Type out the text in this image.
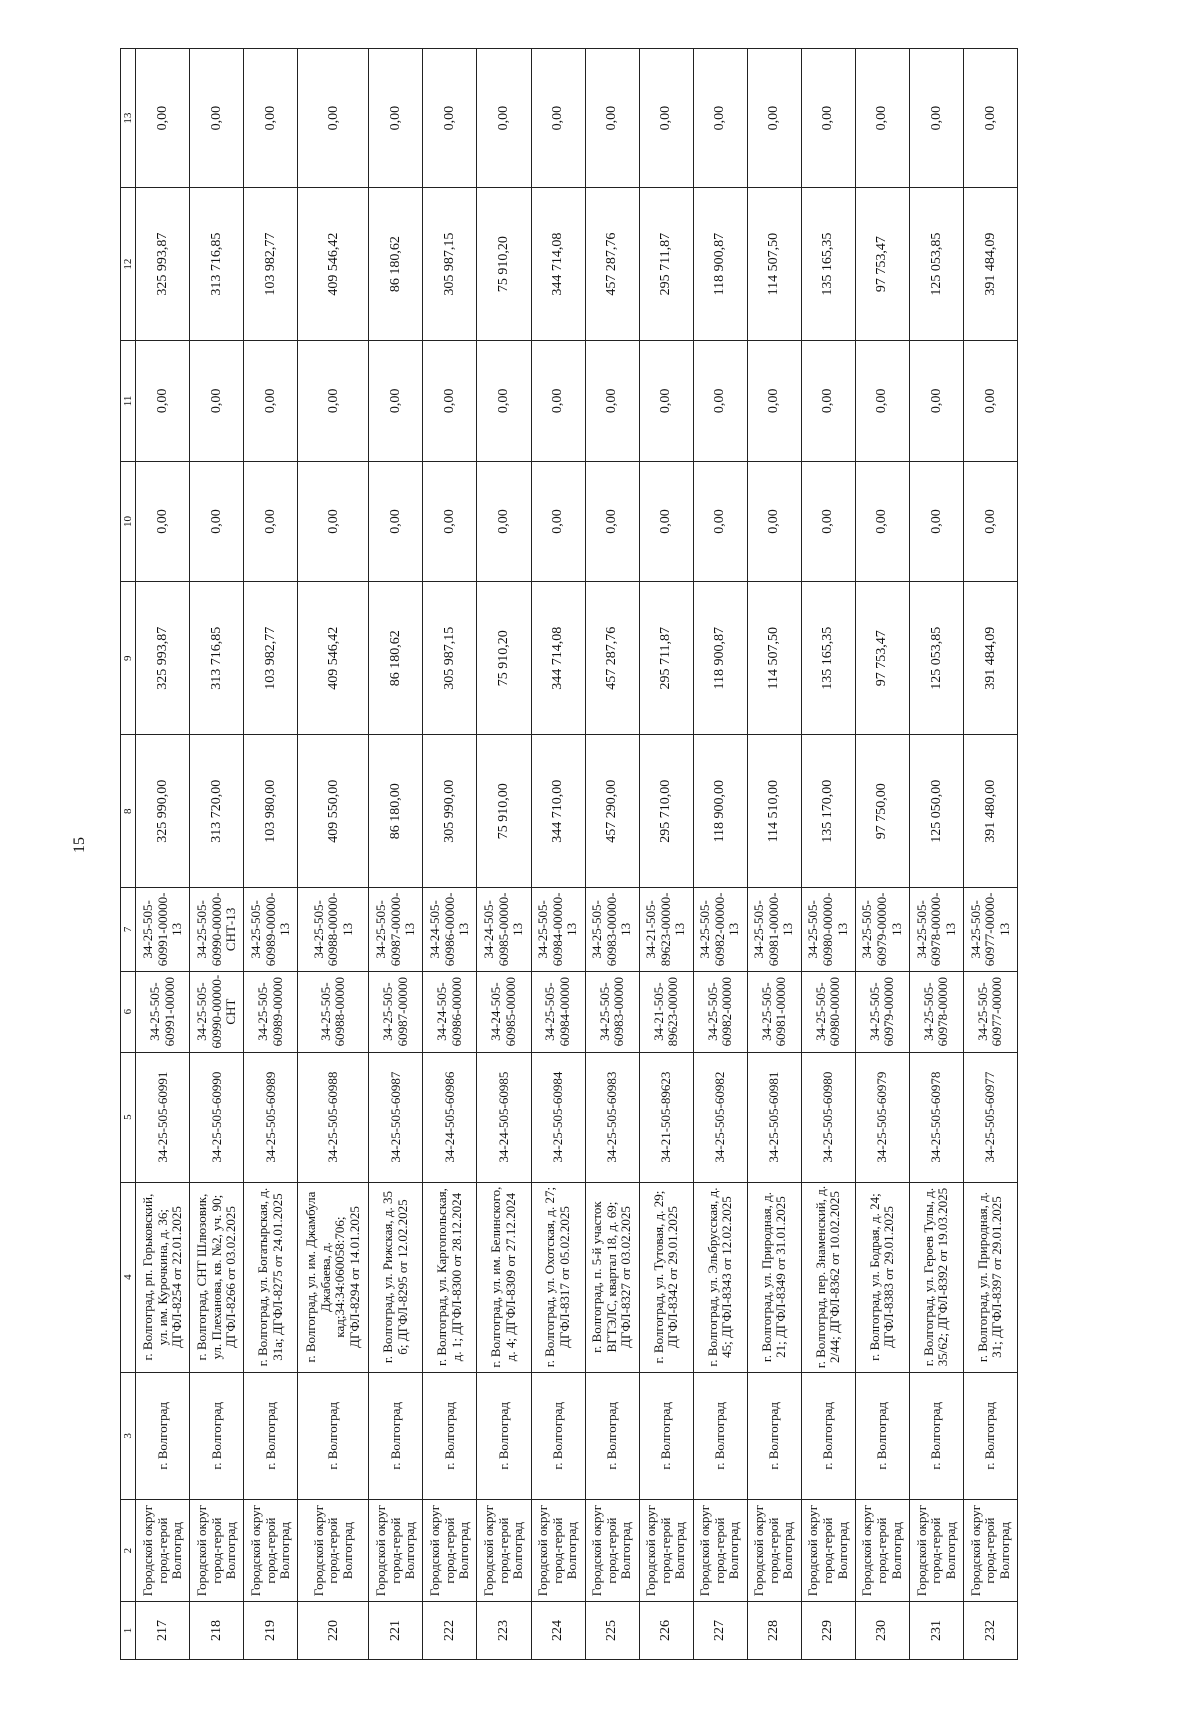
15
1	2	3	4	5	6	7	8	9	10	11	12	13
217	Городской округ город-герой Волгоград	г. Волгоград	г. Волгоград, рп. Горьковский, ул. им. Курочкина, д. 36; ДГФЛ-8254 от 22.01.2025	34-25-505-60991	34-25-505-60991-00000	34-25-505-60991-00000-13	325 990,00	325 993,87	0,00	0,00	325 993,87	0,00
218	Городской округ город-герой Волгоград	г. Волгоград	г. Волгоград, СНТ Шлюзовик, ул. Плеханова, кв. №2, уч. 90; ДГФЛ-8266 от 03.02.2025	34-25-505-60990	34-25-505-60990-00000-СНТ	34-25-505-60990-00000-СНТ-13	313 720,00	313 716,85	0,00	0,00	313 716,85	0,00
219	Городской округ город-герой Волгоград	г. Волгоград	г. Волгоград, ул. Богатырская, д. 31а; ДГФЛ-8275 от 24.01.2025	34-25-505-60989	34-25-505-60989-00000	34-25-505-60989-00000-13	103 980,00	103 982,77	0,00	0,00	103 982,77	0,00
220	Городской округ город-герой Волгоград	г. Волгоград	г. Волгоград, ул. им. Джамбула Джабаева, д. кад;34:34:060058:706; ДГФЛ-8294 от 14.01.2025	34-25-505-60988	34-25-505-60988-00000	34-25-505-60988-00000-13	409 550,00	409 546,42	0,00	0,00	409 546,42	0,00
221	Городской округ город-герой Волгоград	г. Волгоград	г. Волгоград, ул. Рижская, д. 35 б; ДГФЛ-8295 от 12.02.2025	34-25-505-60987	34-25-505-60987-00000	34-25-505-60987-00000-13	86 180,00	86 180,62	0,00	0,00	86 180,62	0,00
222	Городской округ город-герой Волгоград	г. Волгоград	г. Волгоград, ул. Каргопольская, д. 1; ДГФЛ-8300 от 28.12.2024	34-24-505-60986	34-24-505-60986-00000	34-24-505-60986-00000-13	305 990,00	305 987,15	0,00	0,00	305 987,15	0,00
223	Городской округ город-герой Волгоград	г. Волгоград	г. Волгоград, ул. им. Белинского, д. 4; ДГФЛ-8309 от 27.12.2024	34-24-505-60985	34-24-505-60985-00000	34-24-505-60985-00000-13	75 910,00	75 910,20	0,00	0,00	75 910,20	0,00
224	Городской округ город-герой Волгоград	г. Волгоград	г. Волгоград, ул. Охотская, д. 27; ДГФЛ-8317 от 05.02.2025	34-25-505-60984	34-25-505-60984-00000	34-25-505-60984-00000-13	344 710,00	344 714,08	0,00	0,00	344 714,08	0,00
225	Городской округ город-герой Волгоград	г. Волгоград	г. Волгоград, п. 5-й участок ВГТЭЛС, квартал 18, д. 69; ДГФЛ-8327 от 03.02.2025	34-25-505-60983	34-25-505-60983-00000	34-25-505-60983-00000-13	457 290,00	457 287,76	0,00	0,00	457 287,76	0,00
226	Городской округ город-герой Волгоград	г. Волгоград	г. Волгоград, ул. Тутовая, д. 29; ДГФЛ-8342 от 29.01.2025	34-21-505-89623	34-21-505-89623-00000	34-21-505-89623-00000-13	295 710,00	295 711,87	0,00	0,00	295 711,87	0,00
227	Городской округ город-герой Волгоград	г. Волгоград	г. Волгоград, ул. Эльбрусская, д. 45; ДГФЛ-8343 от 12.02.2025	34-25-505-60982	34-25-505-60982-00000	34-25-505-60982-00000-13	118 900,00	118 900,87	0,00	0,00	118 900,87	0,00
228	Городской округ город-герой Волгоград	г. Волгоград	г. Волгоград, ул. Природная, д. 21; ДГФЛ-8349 от 31.01.2025	34-25-505-60981	34-25-505-60981-00000	34-25-505-60981-00000-13	114 510,00	114 507,50	0,00	0,00	114 507,50	0,00
229	Городской округ город-герой Волгоград	г. Волгоград	г. Волгоград, пер. Знаменский, д. 2/44; ДГФЛ-8362 от 10.02.2025	34-25-505-60980	34-25-505-60980-00000	34-25-505-60980-00000-13	135 170,00	135 165,35	0,00	0,00	135 165,35	0,00
230	Городской округ город-герой Волгоград	г. Волгоград	г. Волгоград, ул. Бодрая, д. 24; ДГФЛ-8383 от 29.01.2025	34-25-505-60979	34-25-505-60979-00000	34-25-505-60979-00000-13	97 750,00	97 753,47	0,00	0,00	97 753,47	0,00
231	Городской округ город-герой Волгоград	г. Волгоград	г. Волгоград, ул. Героев Тулы, д. 35/62; ДГФЛ-8392 от 19.03.2025	34-25-505-60978	34-25-505-60978-00000	34-25-505-60978-00000-13	125 050,00	125 053,85	0,00	0,00	125 053,85	0,00
232	Городской округ город-герой Волгоград	г. Волгоград	г. Волгоград, ул. Природная, д. 31; ДГФЛ-8397 от 29.01.2025	34-25-505-60977	34-25-505-60977-00000	34-25-505-60977-00000-13	391 480,00	391 484,09	0,00	0,00	391 484,09	0,00
